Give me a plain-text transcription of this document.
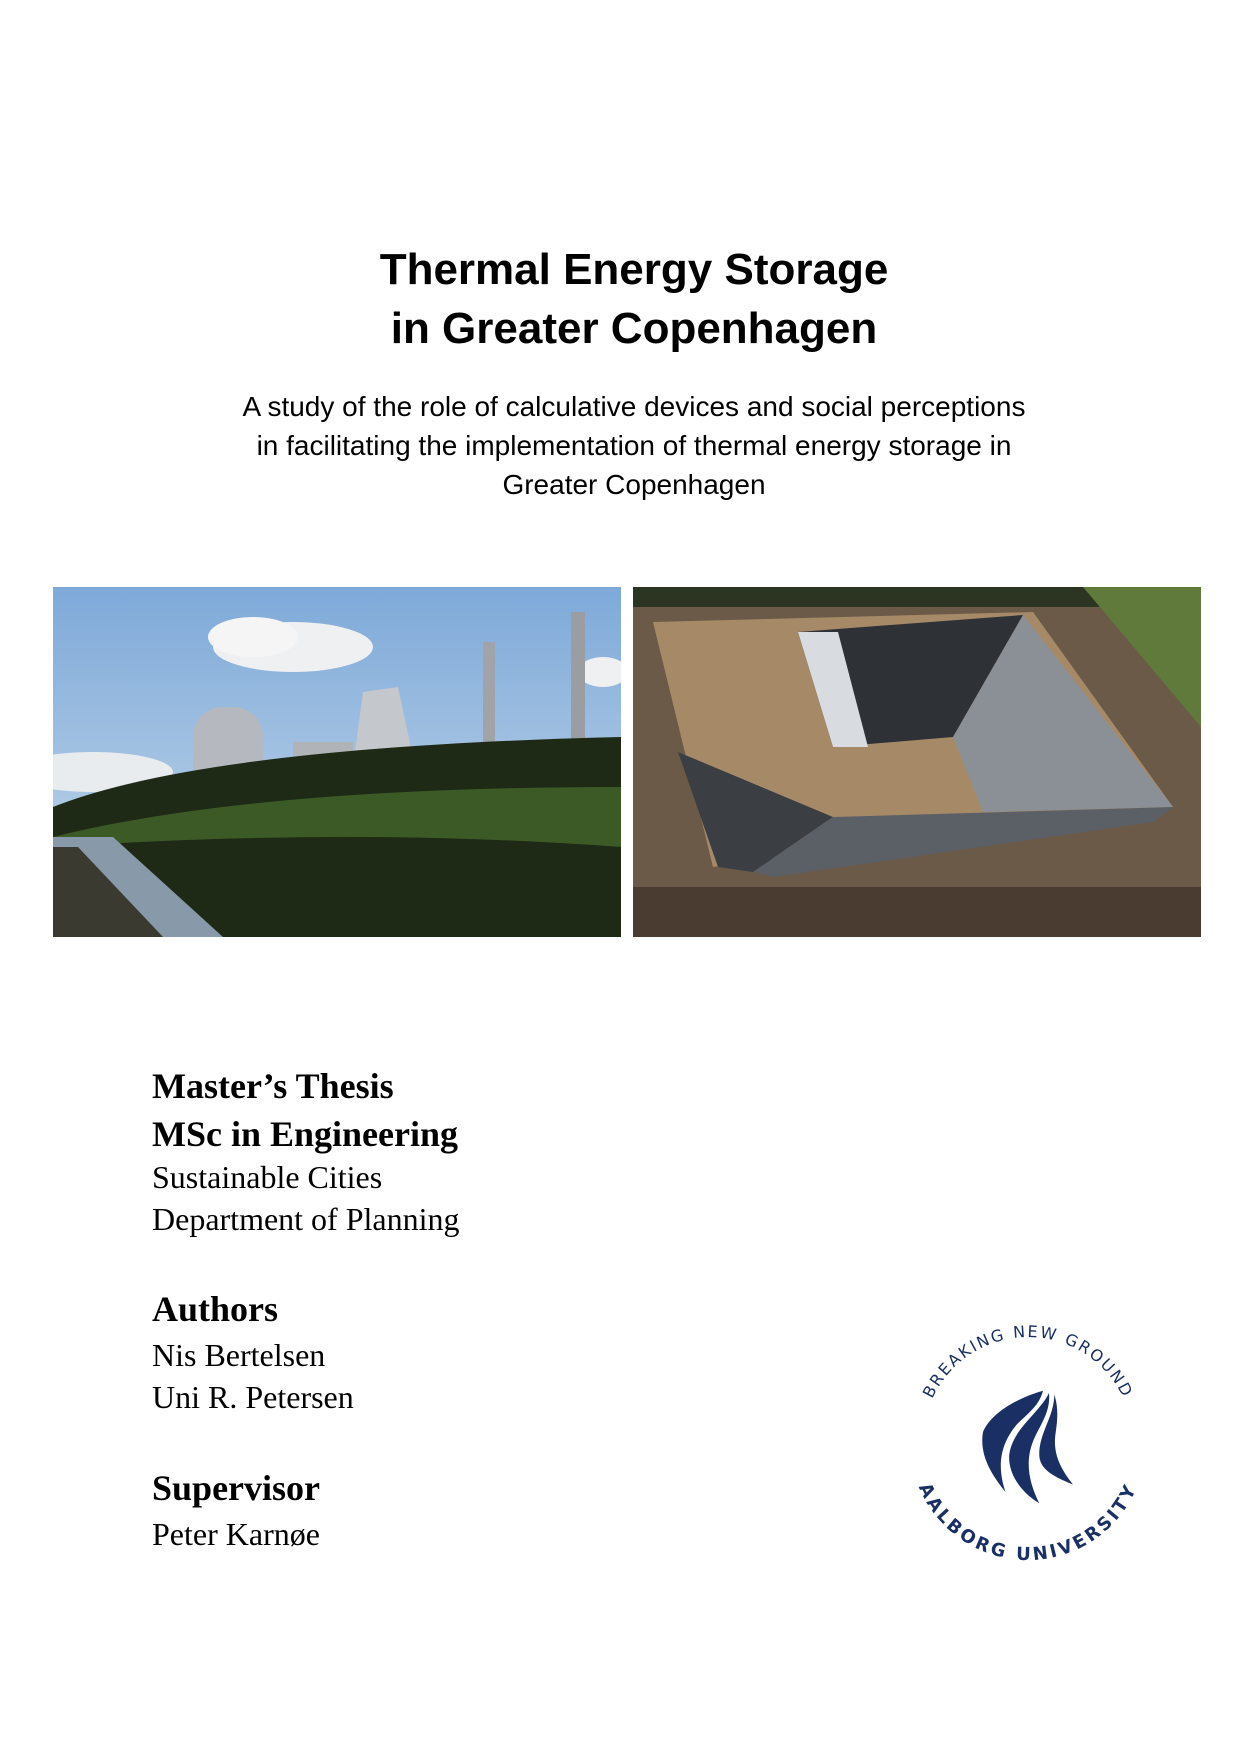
Thermal Energy Storage
in Greater Copenhagen
A study of the role of calculative devices and social perceptions
in facilitating the implementation of thermal energy storage in
Greater Copenhagen
Master’s Thesis
MSc in Engineering
Sustainable Cities
Department of Planning
Authors
Nis Bertelsen
Uni R. Petersen
Supervisor
Peter Karnøe
BREAKING NEW GROUND
AALBORG UNIVERSITY
